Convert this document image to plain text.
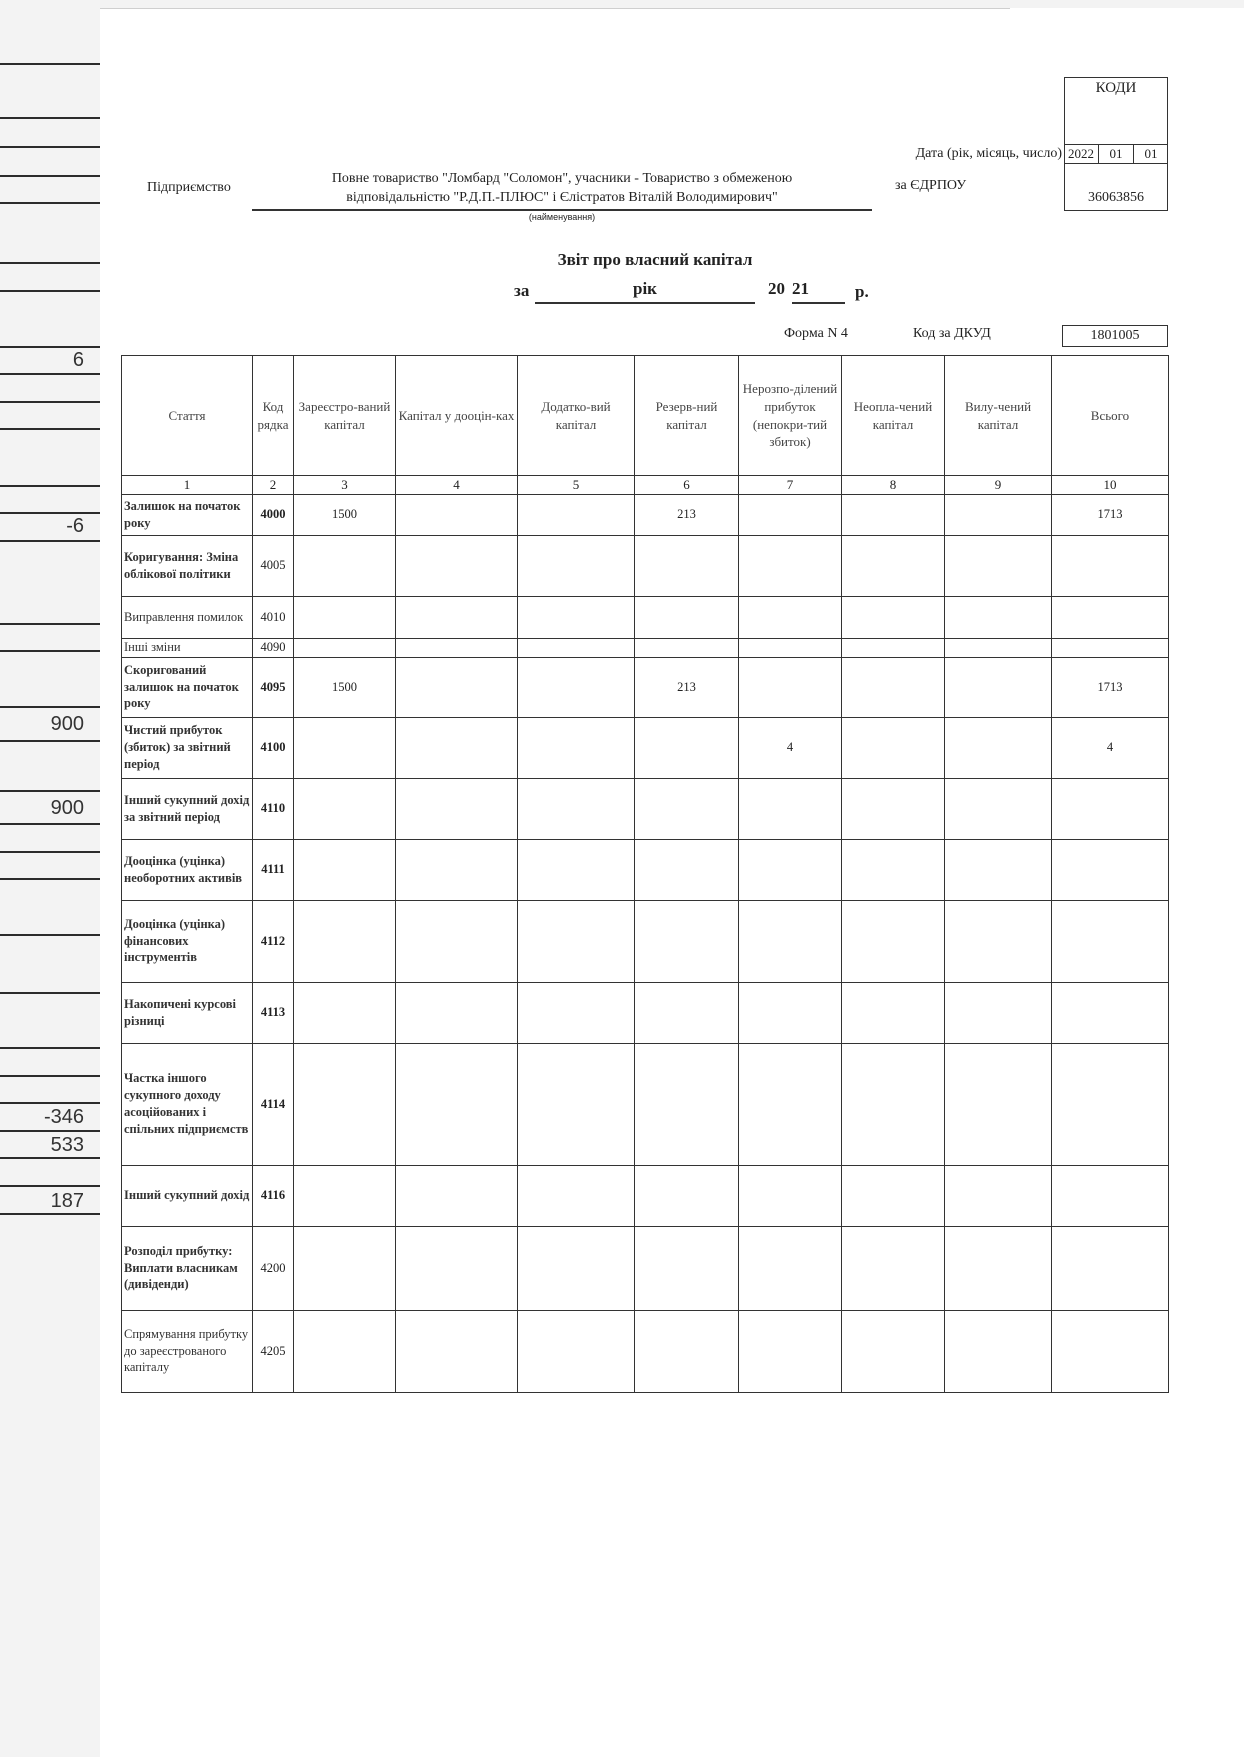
6
-6
900
900
-346
533
187
КОДИ
Дата (рік, місяць, число) 2022	01	01
36063856
Підприємство
Повне товариство "Ломбард "Соломон", учасники - Товариство з обмеженою
відповідальністю "Р.Д.П.-ПЛЮС" і Єлістратов Віталій Володимирович"
(найменування)
за ЄДРПОУ
Звіт про власний капітал
за	рік	20 21	р.
Форма N 4	Код за ДКУД	1801005
Стаття	Код рядка	Зареєстро-ваний капітал	Капітал у дооцін-ках	Додатко-вий капітал	Резерв-ний капітал	Нерозпо-ділений прибуток (непокри-тий збиток)	Неопла-чений капітал	Вилу-чений капітал	Всього
1	2	3	4	5	6	7	8	9	10
Залишок на початок року	4000	1500			213				1713
Коригування: Зміна облікової політики	4005								
Виправлення помилок	4010								
Інші зміни	4090								
Скоригований залишок на початок року	4095	1500			213				1713
Чистий прибуток (збиток) за звітний період	4100					4			4
Інший сукупний дохід за звітний період	4110								
Дооцінка (уцінка) необоротних активів	4111								
Дооцінка (уцінка) фінансових інструментів	4112								
Накопичені курсові різниці	4113								
Частка іншого сукупного доходу асоційованих і спільних підприємств	4114								
Інший сукупний дохід	4116								
Розподіл прибутку: Виплати власникам (дивіденди)	4200								
Спрямування прибутку до зареєстрованого капіталу	4205								
